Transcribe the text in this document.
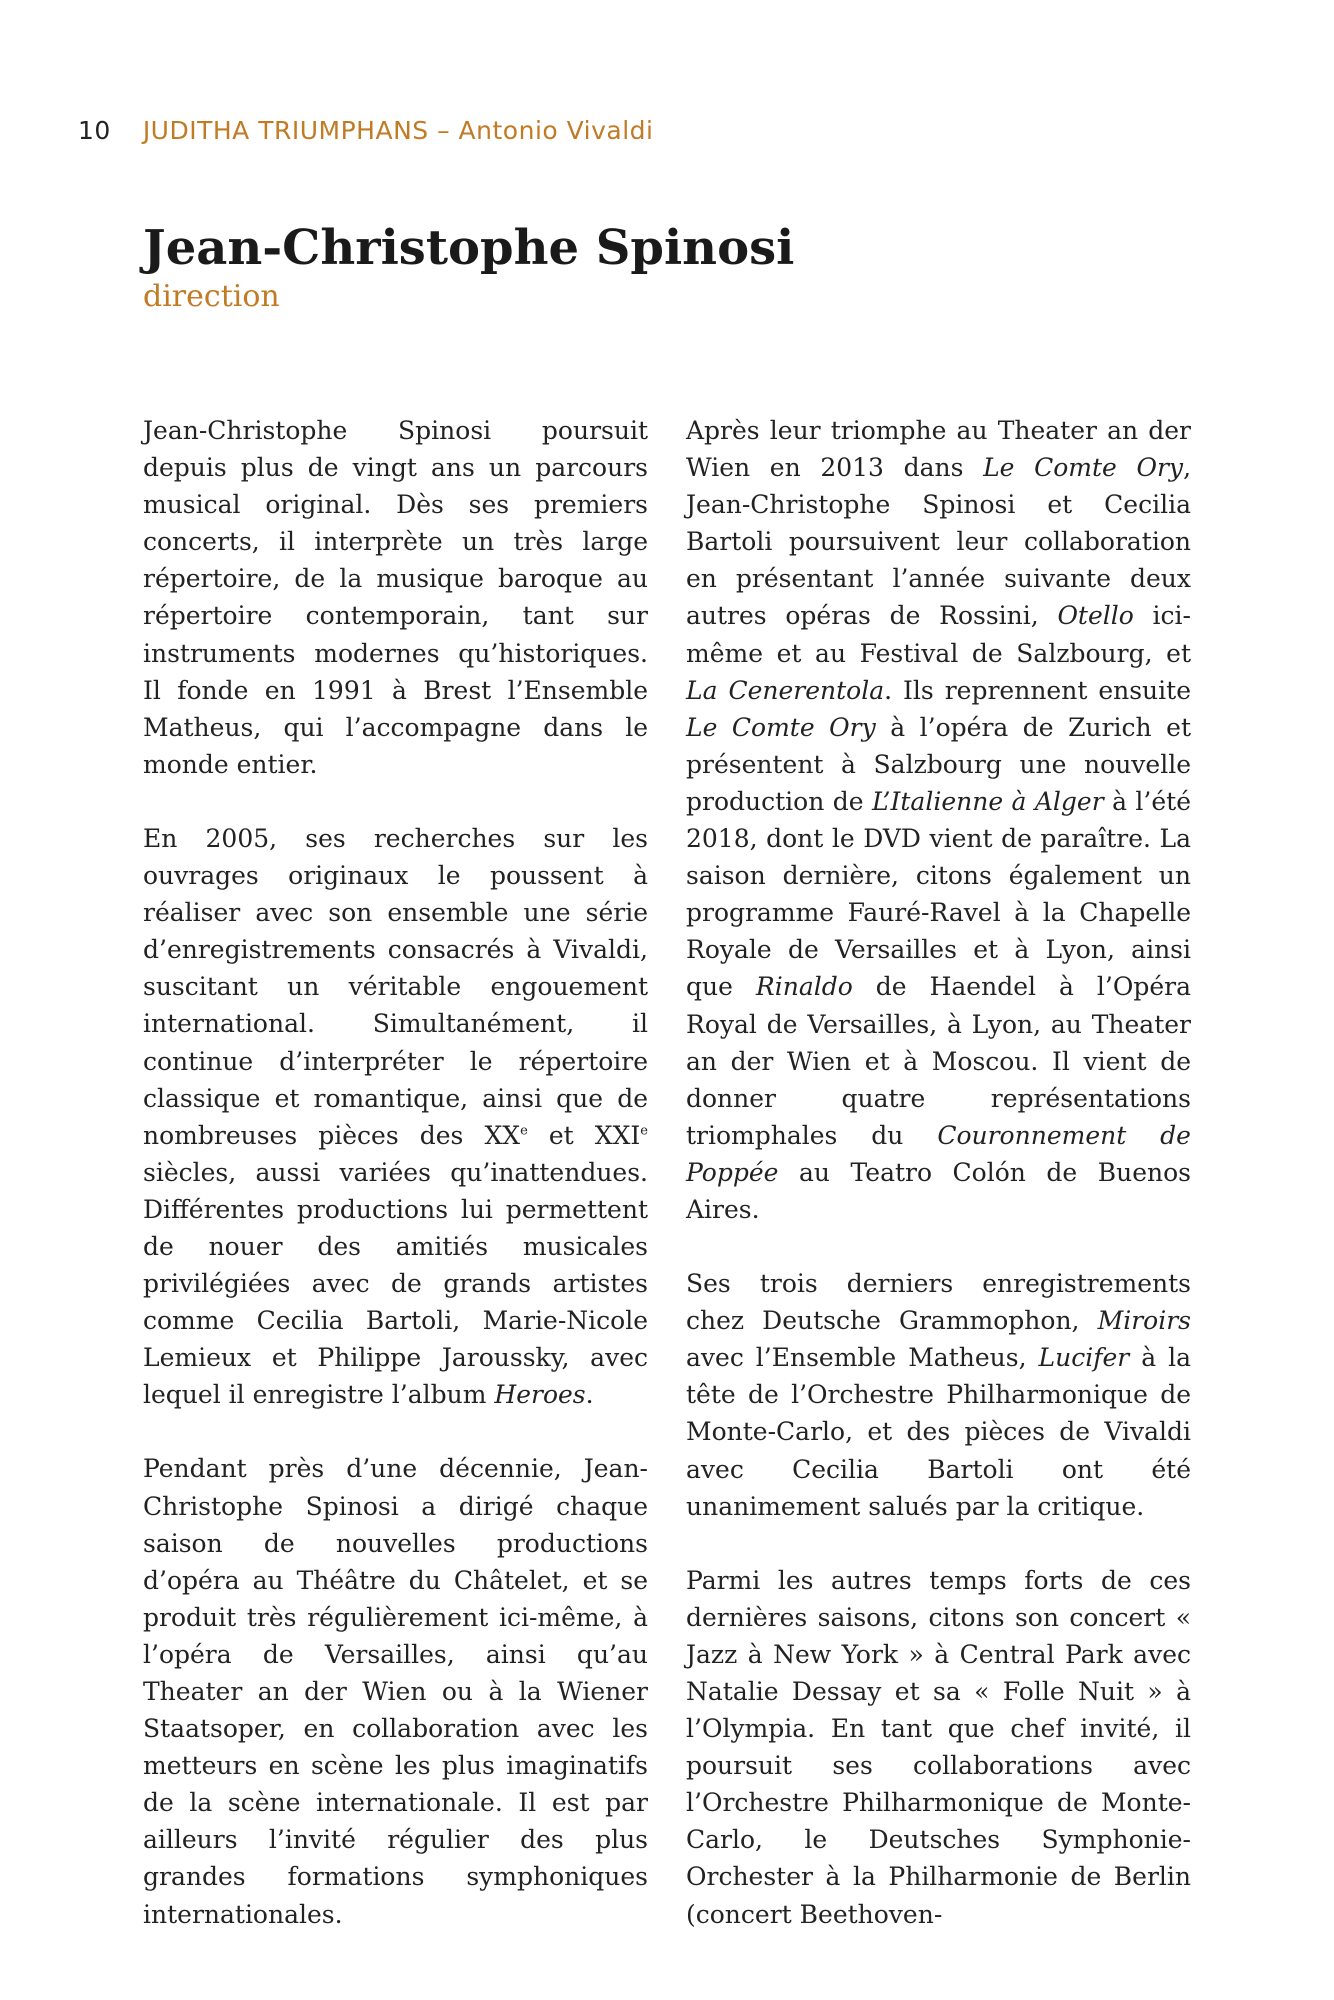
10 JUDITHA TRIUMPHANS – Antonio Vivaldi
Jean-Christophe Spinosi
direction

Jean-Christophe Spinosi poursuit depuis plus de vingt ans un parcours musical original. Dès ses premiers concerts, il interprète un très large répertoire, de la musique baroque au répertoire contemporain, tant sur instruments modernes qu’historiques. Il fonde en 1991 à Brest l’Ensemble Matheus, qui l’accompagne dans le monde entier.

En 2005, ses recherches sur les ouvrages originaux le poussent à réaliser avec son ensemble une série d’enregistrements consacrés à Vivaldi, suscitant un véritable engouement international. Simultanément, il continue d’interpréter le répertoire classique et romantique, ainsi que de nombreuses pièces des XXe et XXIe siècles, aussi variées qu’inattendues. Différentes productions lui permettent de nouer des amitiés musicales privilégiées avec de grands artistes comme Cecilia Bartoli, Marie-Nicole Lemieux et Philippe Jaroussky, avec lequel il enregistre l’album Heroes.

Pendant près d’une décennie, Jean-Christophe Spinosi a dirigé chaque saison de nouvelles productions d’opéra au Théâtre du Châtelet, et se produit très régulièrement ici-même, à l’opéra de Versailles, ainsi qu’au Theater an der Wien ou à la Wiener Staatsoper, en collaboration avec les metteurs en scène les plus imaginatifs de la scène internationale. Il est par ailleurs l’invité régulier des plus grandes formations symphoniques internationales.

Après leur triomphe au Theater an der Wien en 2013 dans Le Comte Ory, Jean-Christophe Spinosi et Cecilia Bartoli poursuivent leur collaboration en présentant l’année suivante deux autres opéras de Rossini, Otello ici-même et au Festival de Salzbourg, et La Cenerentola. Ils reprennent ensuite Le Comte Ory à l’opéra de Zurich et présentent à Salzbourg une nouvelle production de L’Italienne à Alger à l’été 2018, dont le DVD vient de paraître. La saison dernière, citons également un programme Fauré-Ravel à la Chapelle Royale de Versailles et à Lyon, ainsi que Rinaldo de Haendel à l’Opéra Royal de Versailles, à Lyon, au Theater an der Wien et à Moscou. Il vient de donner quatre représentations triomphales du Couronnement de Poppée au Teatro Colón de Buenos Aires.

Ses trois derniers enregistrements chez Deutsche Grammophon, Miroirs avec l’Ensemble Matheus, Lucifer à la tête de l’Orchestre Philharmonique de Monte-Carlo, et des pièces de Vivaldi avec Cecilia Bartoli ont été unanimement salués par la critique.

Parmi les autres temps forts de ces dernières saisons, citons son concert « Jazz à New York » à Central Park avec Natalie Dessay et sa « Folle Nuit » à l’Olympia. En tant que chef invité, il poursuit ses collaborations avec l’Orchestre Philharmonique de Monte-Carlo, le Deutsches Symphonie-Orchester à la Philharmonie de Berlin (concert Beethoven-
